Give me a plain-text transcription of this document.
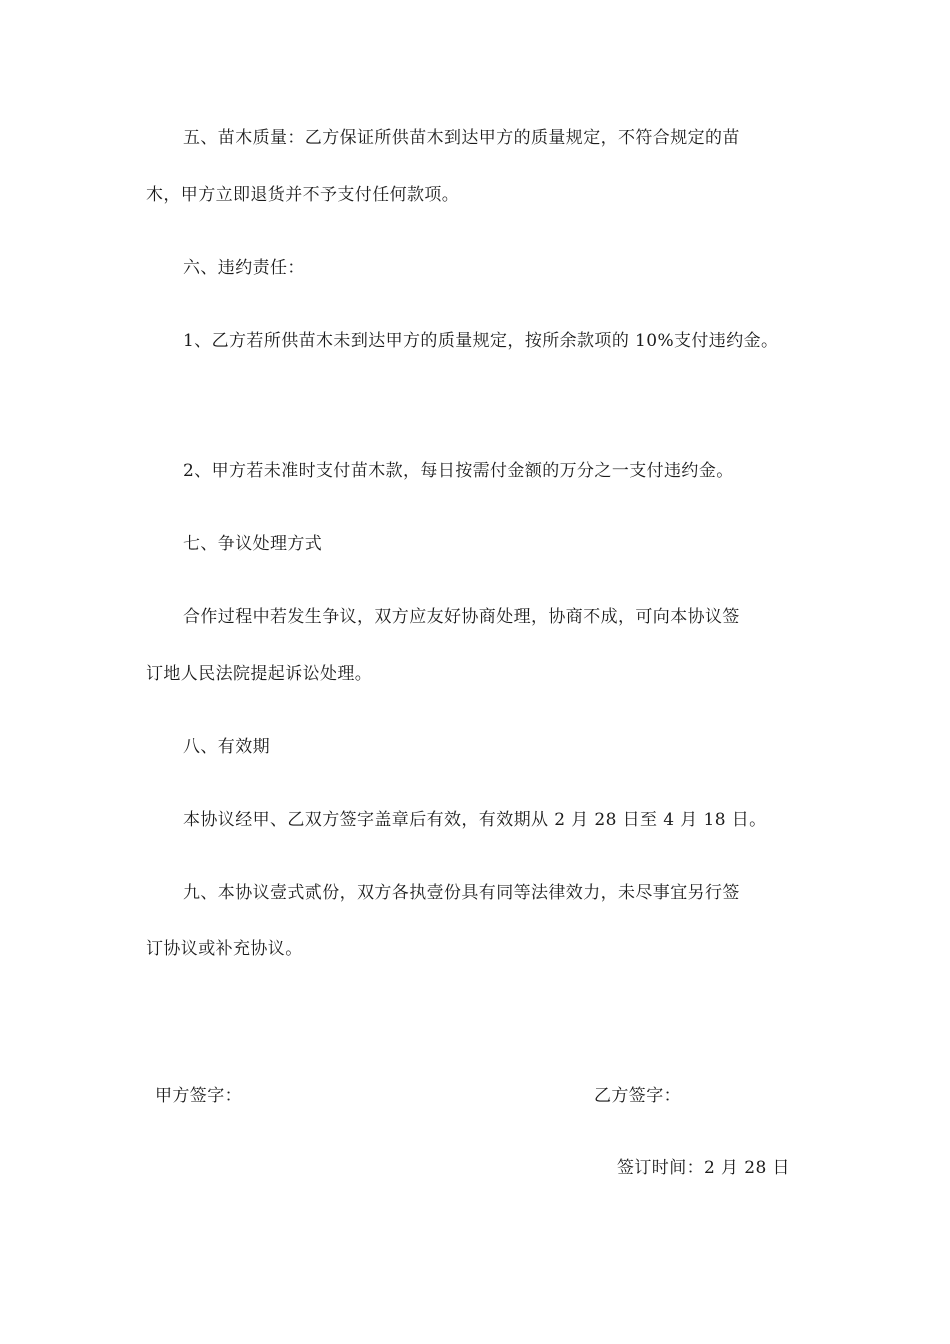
五、苗木质量：乙方保证所供苗木到达甲方的质量规定，不符合规定的苗
木，甲方立即退货并不予支付任何款项。
六、违约责任：
1、乙方若所供苗木未到达甲方的质量规定，按所余款项的 10%支付违约金。
2、甲方若未准时支付苗木款，每日按需付金额的万分之一支付违约金。
七、争议处理方式
合作过程中若发生争议，双方应友好协商处理，协商不成，可向本协议签
订地人民法院提起诉讼处理。
八、有效期
本协议经甲、乙双方签字盖章后有效，有效期从 2 月 28 日至 4 月 18 日。
九、本协议壹式贰份，双方各执壹份具有同等法律效力，未尽事宜另行签
订协议或补充协议。
甲方签字：	乙方签字：
签订时间：2 月 28 日
